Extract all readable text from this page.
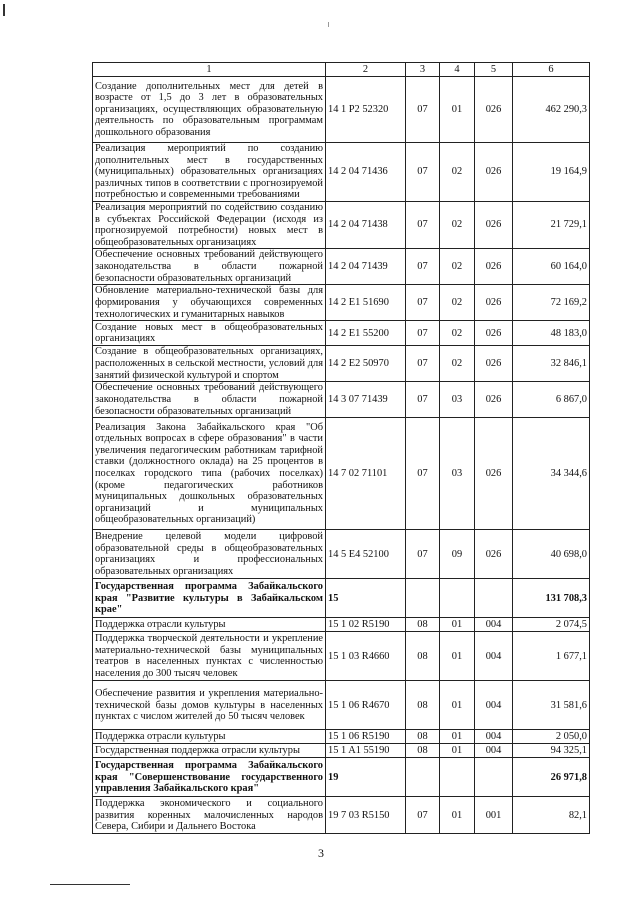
1	2	3	4	5	6
Создание дополнительных мест для детей в возрасте от 1,5 до 3 лет в образовательных организациях, осуществляющих образовательную деятельность по образовательным программам дошкольного образования	14 1 P2 52320	07	01	026	462 290,3
Реализация мероприятий по созданию дополнительных мест в государственных (муниципальных) образовательных организациях различных типов в соответствии с прогнозируемой потребностью и современными требованиями	14 2 04 71436	07	02	026	19 164,9
Реализация мероприятий по содействию созданию в субъектах Российской Федерации (исходя из прогнозируемой потребности) новых мест в общеобразовательных организациях	14 2 04 71438	07	02	026	21 729,1
Обеспечение основных требований действующего законодательства в области пожарной безопасности образовательных организаций	14 2 04 71439	07	02	026	60 164,0
Обновление материально-технической базы для формирования у обучающихся современных технологических и гуманитарных навыков	14 2 E1 51690	07	02	026	72 169,2
Создание новых мест в общеобразовательных организациях	14 2 E1 55200	07	02	026	48 183,0
Создание в общеобразовательных организациях, расположенных в сельской местности, условий для занятий физической культурой и спортом	14 2 E2 50970	07	02	026	32 846,1
Обеспечение основных требований действующего законодательства в области пожарной безопасности образовательных организаций	14 3 07 71439	07	03	026	6 867,0
Реализация Закона Забайкальского края "Об отдельных вопросах в сфере образования" в части увеличения педагогическим работникам тарифной ставки (должностного оклада) на 25 процентов в поселках городского типа (рабочих поселках) (кроме педагогических работников муниципальных дошкольных образовательных организаций и муниципальных общеобразовательных организаций)	14 7 02 71101	07	03	026	34 344,6
Внедрение целевой модели цифровой образовательной среды в общеобразовательных организациях и профессиональных образовательных организациях	14 5 E4 52100	07	09	026	40 698,0
Государственная программа Забайкальского края "Развитие культуры в Забайкальском крае"	15				131 708,3
Поддержка отрасли культуры	15 1 02 R5190	08	01	004	2 074,5
Поддержка творческой деятельности и укрепление материально-технической базы муниципальных театров в населенных пунктах с численностью населения до 300 тысяч человек	15 1 03 R4660	08	01	004	1 677,1
Обеспечение развития и укрепления материально-технической базы домов культуры в населенных пунктах с числом жителей до 50 тысяч человек	15 1 06 R4670	08	01	004	31 581,6
Поддержка отрасли культуры	15 1 06 R5190	08	01	004	2 050,0
Государственная поддержка отрасли культуры	15 1 A1 55190	08	01	004	94 325,1
Государственная программа Забайкальского края "Совершенствование государственного управления Забайкальского края"	19				26 971,8
Поддержка экономического и социального развития коренных малочисленных народов Севера, Сибири и Дальнего Востока	19 7 03 R5150	07	01	001	82,1
3
